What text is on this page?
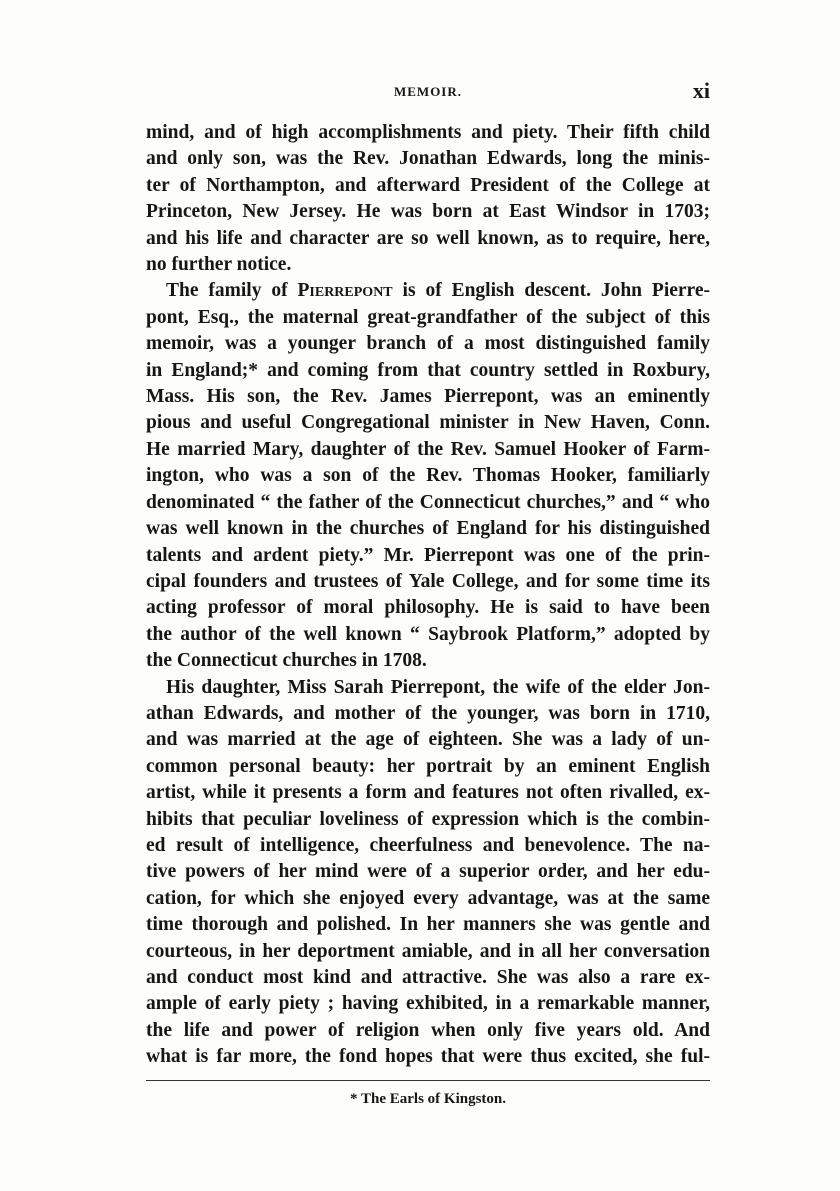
MEMOIR.	xi

mind, and of high accomplishments and piety. Their fifth child
and only son, was the Rev. Jonathan Edwards, long the minis-
ter of Northampton, and afterward President of the College at
Princeton, New Jersey. He was born at East Windsor in 1703;
and his life and character are so well known, as to require, here,
no further notice.

The family of Pierrepont is of English descent. John Pierre-
pont, Esq., the maternal great-grandfather of the subject of this
memoir, was a younger branch of a most distinguished family
in England;* and coming from that country settled in Roxbury,
Mass. His son, the Rev. James Pierrepont, was an eminently
pious and useful Congregational minister in New Haven, Conn.
He married Mary, daughter of the Rev. Samuel Hooker of Farm-
ington, who was a son of the Rev. Thomas Hooker, familiarly
denominated “ the father of the Connecticut churches,” and “ who
was well known in the churches of England for his distinguished
talents and ardent piety.” Mr. Pierrepont was one of the prin-
cipal founders and trustees of Yale College, and for some time its
acting professor of moral philosophy. He is said to have been
the author of the well known “ Saybrook Platform,” adopted by
the Connecticut churches in 1708.

His daughter, Miss Sarah Pierrepont, the wife of the elder Jon-
athan Edwards, and mother of the younger, was born in 1710,
and was married at the age of eighteen. She was a lady of un-
common personal beauty: her portrait by an eminent English
artist, while it presents a form and features not often rivalled, ex-
hibits that peculiar loveliness of expression which is the combin-
ed result of intelligence, cheerfulness and benevolence. The na-
tive powers of her mind were of a superior order, and her edu-
cation, for which she enjoyed every advantage, was at the same
time thorough and polished. In her manners she was gentle and
courteous, in her deportment amiable, and in all her conversation
and conduct most kind and attractive. She was also a rare ex-
ample of early piety ; having exhibited, in a remarkable manner,
the life and power of religion when only five years old. And
what is far more, the fond hopes that were thus excited, she ful-

* The Earls of Kingston.
